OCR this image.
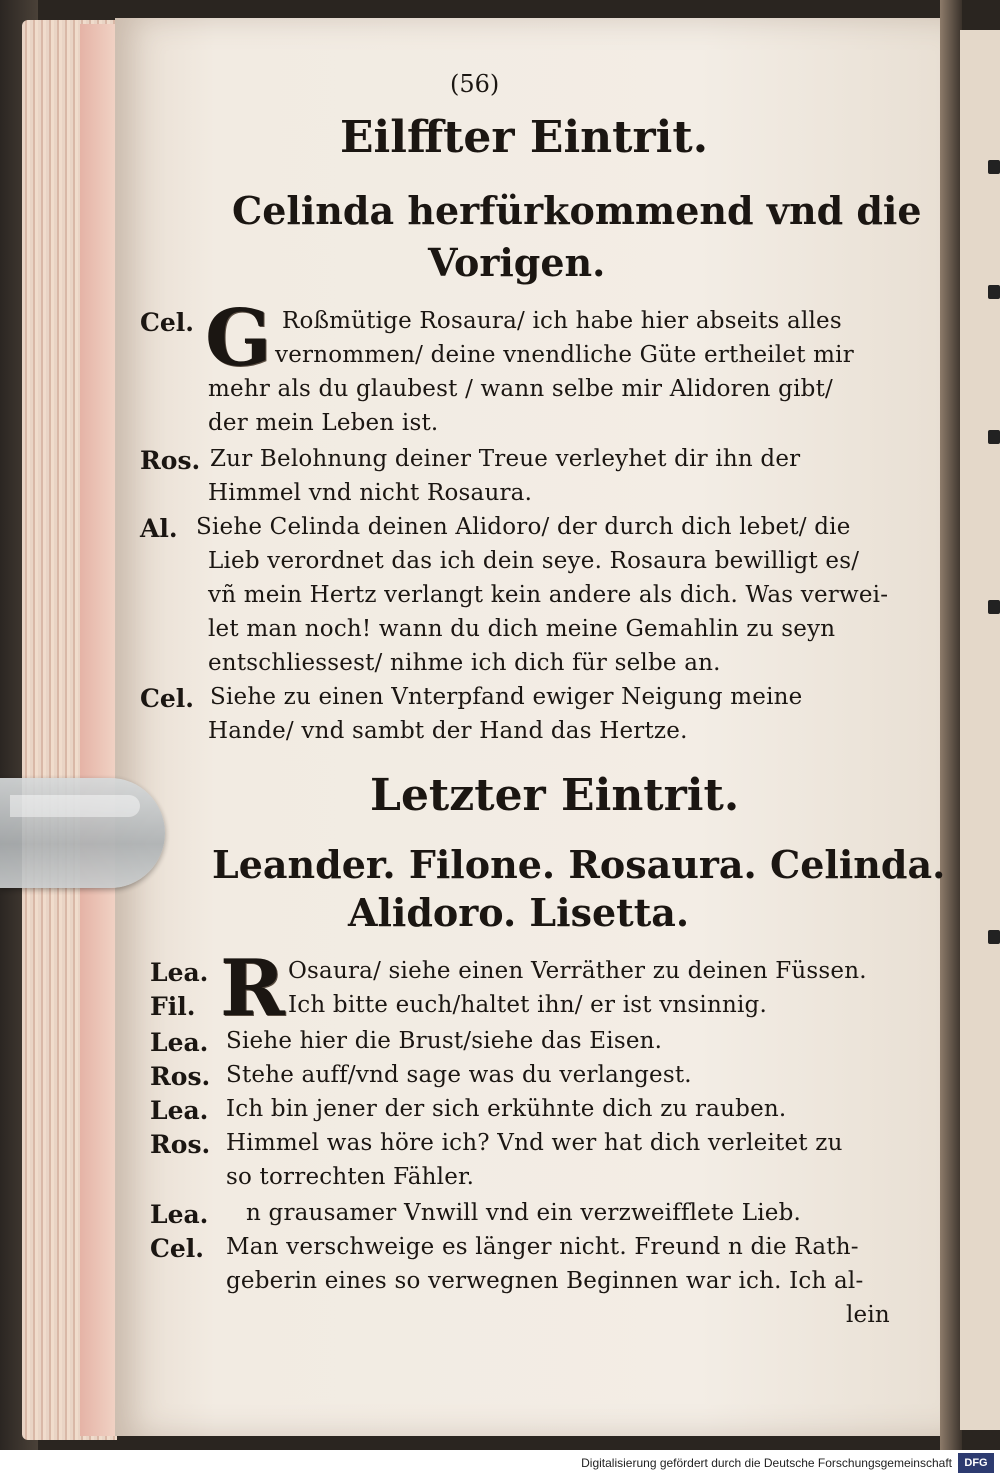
(56)
Eilffter Eintrit.
Celinda herfürkommend vnd die
Vorigen.
Cel. G Roßmütige Rosaura/ ich habe hier abseits alles
vernommen/ deine vnendliche Güte ertheilet mir
mehr als du glaubest / wann selbe mir Alidoren gibt/
der mein Leben ist.
Ros. Zur Belohnung deiner Treue verleyhet dir ihn der
Himmel vnd nicht Rosaura.
Al. Siehe Celinda deinen Alidoro/ der durch dich lebet/ die
Lieb verordnet das ich dein seye. Rosaura bewilligt es/
vñ mein Hertz verlangt kein andere als dich. Was verwei-
let man noch! wann du dich meine Gemahlin zu seyn
entschliessest/ nihme ich dich für selbe an.
Cel. Siehe zu einen Vnterpfand ewiger Neigung meine
Hande/ vnd sambt der Hand das Hertze.
Letzter Eintrit.
Leander. Filone. Rosaura. Celinda.
Alidoro. Lisetta.
Lea. R Osaura/ siehe einen Verräther zu deinen Füssen.
Fil.	Ich bitte euch/haltet ihn/ er ist vnsinnig.
Lea. Siehe hier die Brust/siehe das Eisen.
Ros. Stehe auff/vnd sage was du verlangest.
Lea. Ich bin jener der sich erkühnte dich zu rauben.
Ros. Himmel was höre ich? Vnd wer hat dich verleitet zu
so torrechten Fähler.
Lea. n grausamer Vnwill vnd ein verzweifflete Lieb.
Cel. Man verschweige es länger nicht. Freund n die Rath-
geberin eines so verwegnen Beginnen war ich. Ich al-
lein
Digitalisierung gefördert durch die Deutsche Forschungsgemeinschaft	DFG
